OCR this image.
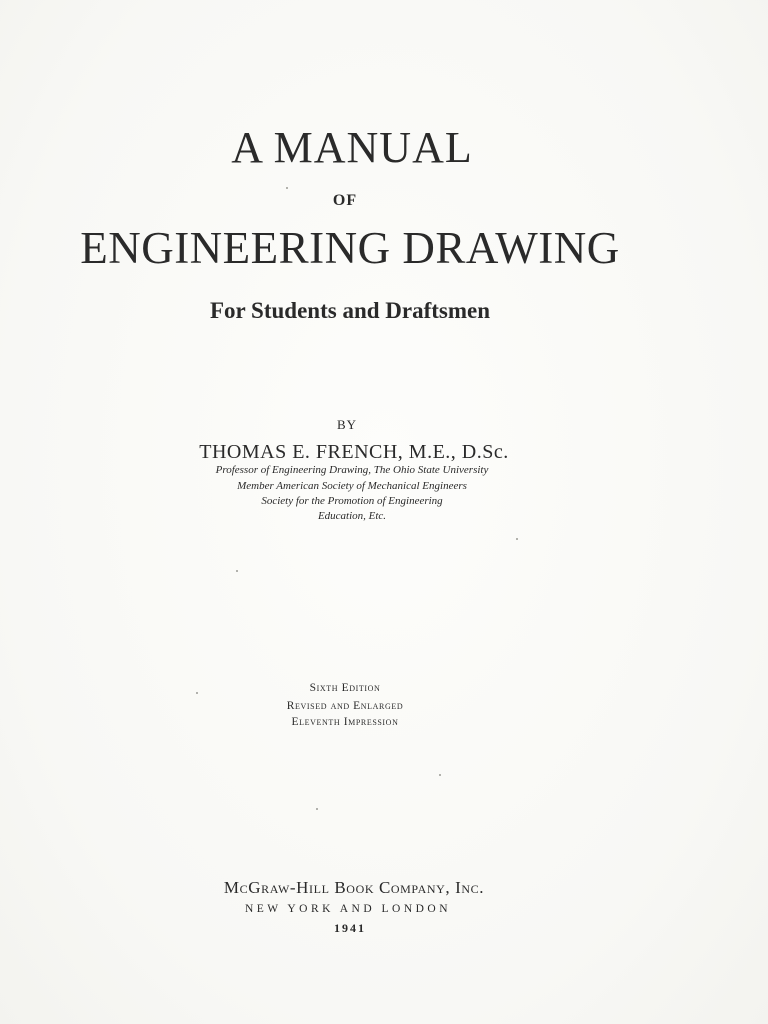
A MANUAL
OF
ENGINEERING DRAWING
For Students and Draftsmen
BY
THOMAS E. FRENCH, M.E., D.Sc.
Professor of Engineering Drawing, The Ohio State University
Member American Society of Mechanical Engineers
Society for the Promotion of Engineering
Education, Etc.
Sixth Edition
Revised and Enlarged
Eleventh Impression
McGraw-Hill Book Company, Inc.
NEW YORK AND LONDON
1941
